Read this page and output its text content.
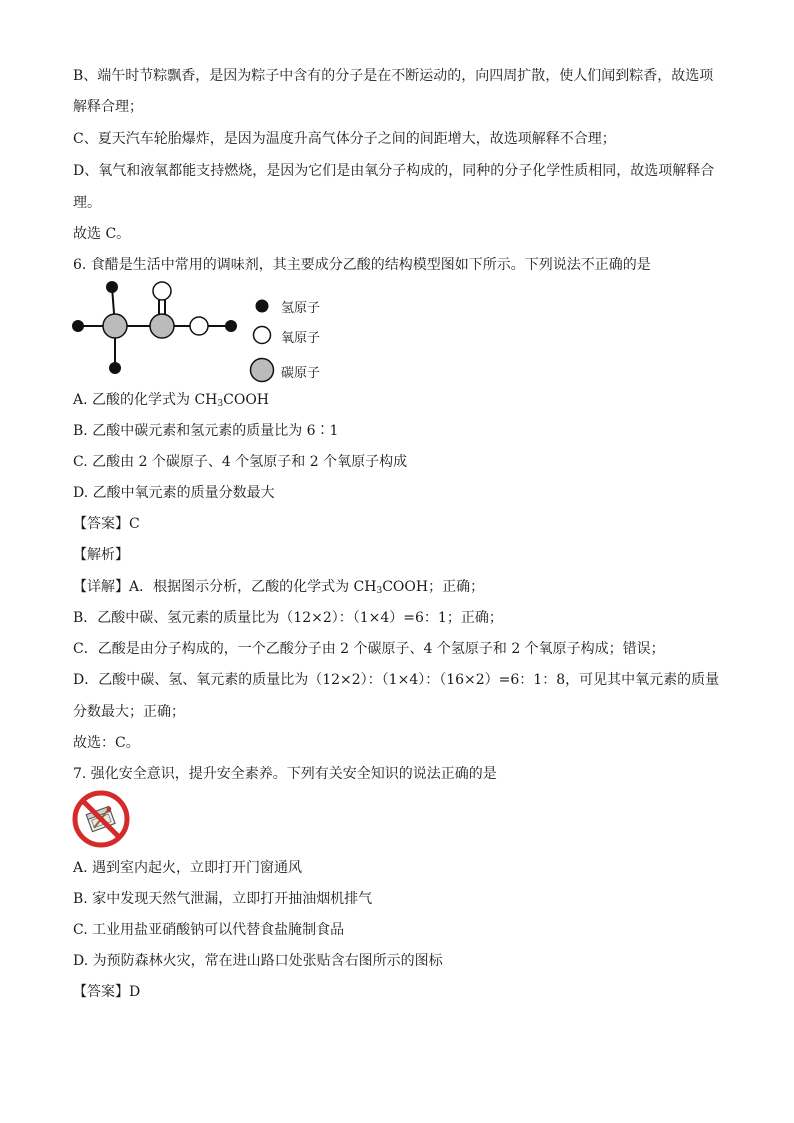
B、端午时节粽飘香，是因为粽子中含有的分子是在不断运动的，向四周扩散，使人们闻到粽香，故选项
解释合理；
C、夏天汽车轮胎爆炸，是因为温度升高气体分子之间的间距增大，故选项解释不合理；
D、氧气和液氧都能支持燃烧，是因为它们是由氧分子构成的，同种的分子化学性质相同，故选项解释合
理。
故选 C。
6. 食醋是生活中常用的调味剂，其主要成分乙酸的结构模型图如下所示。下列说法不正确的是
氢原子
氧原子
碳原子
A. 乙酸的化学式为 $CH_3COOH$
B. 乙酸中碳元素和氢元素的质量比为 6∶1
C. 乙酸由 2 个碳原子、4 个氢原子和 2 个氧原子构成
D. 乙酸中氧元素的质量分数最大
【答案】C
【解析】
【详解】A．根据图示分析，乙酸的化学式为 $CH_3COOH$；正确；
B．乙酸中碳、氢元素的质量比为（12×2）：（1×4）=6：1；正确；
C．乙酸是由分子构成的，一个乙酸分子由 2 个碳原子、4 个氢原子和 2 个氧原子构成；错误；
D．乙酸中碳、氢、氧元素的质量比为（12×2）：（1×4）：（16×2）=6：1：8，可见其中氧元素的质量
分数最大；正确；
故选：C。
7. 强化安全意识，提升安全素养。下列有关安全知识的说法正确的是
A. 遇到室内起火，立即打开门窗通风
B. 家中发现天然气泄漏，立即打开抽油烟机排气
C. 工业用盐亚硝酸钠可以代替食盐腌制食品
D. 为预防森林火灾，常在进山路口处张贴含右图所示的图标
【答案】D
